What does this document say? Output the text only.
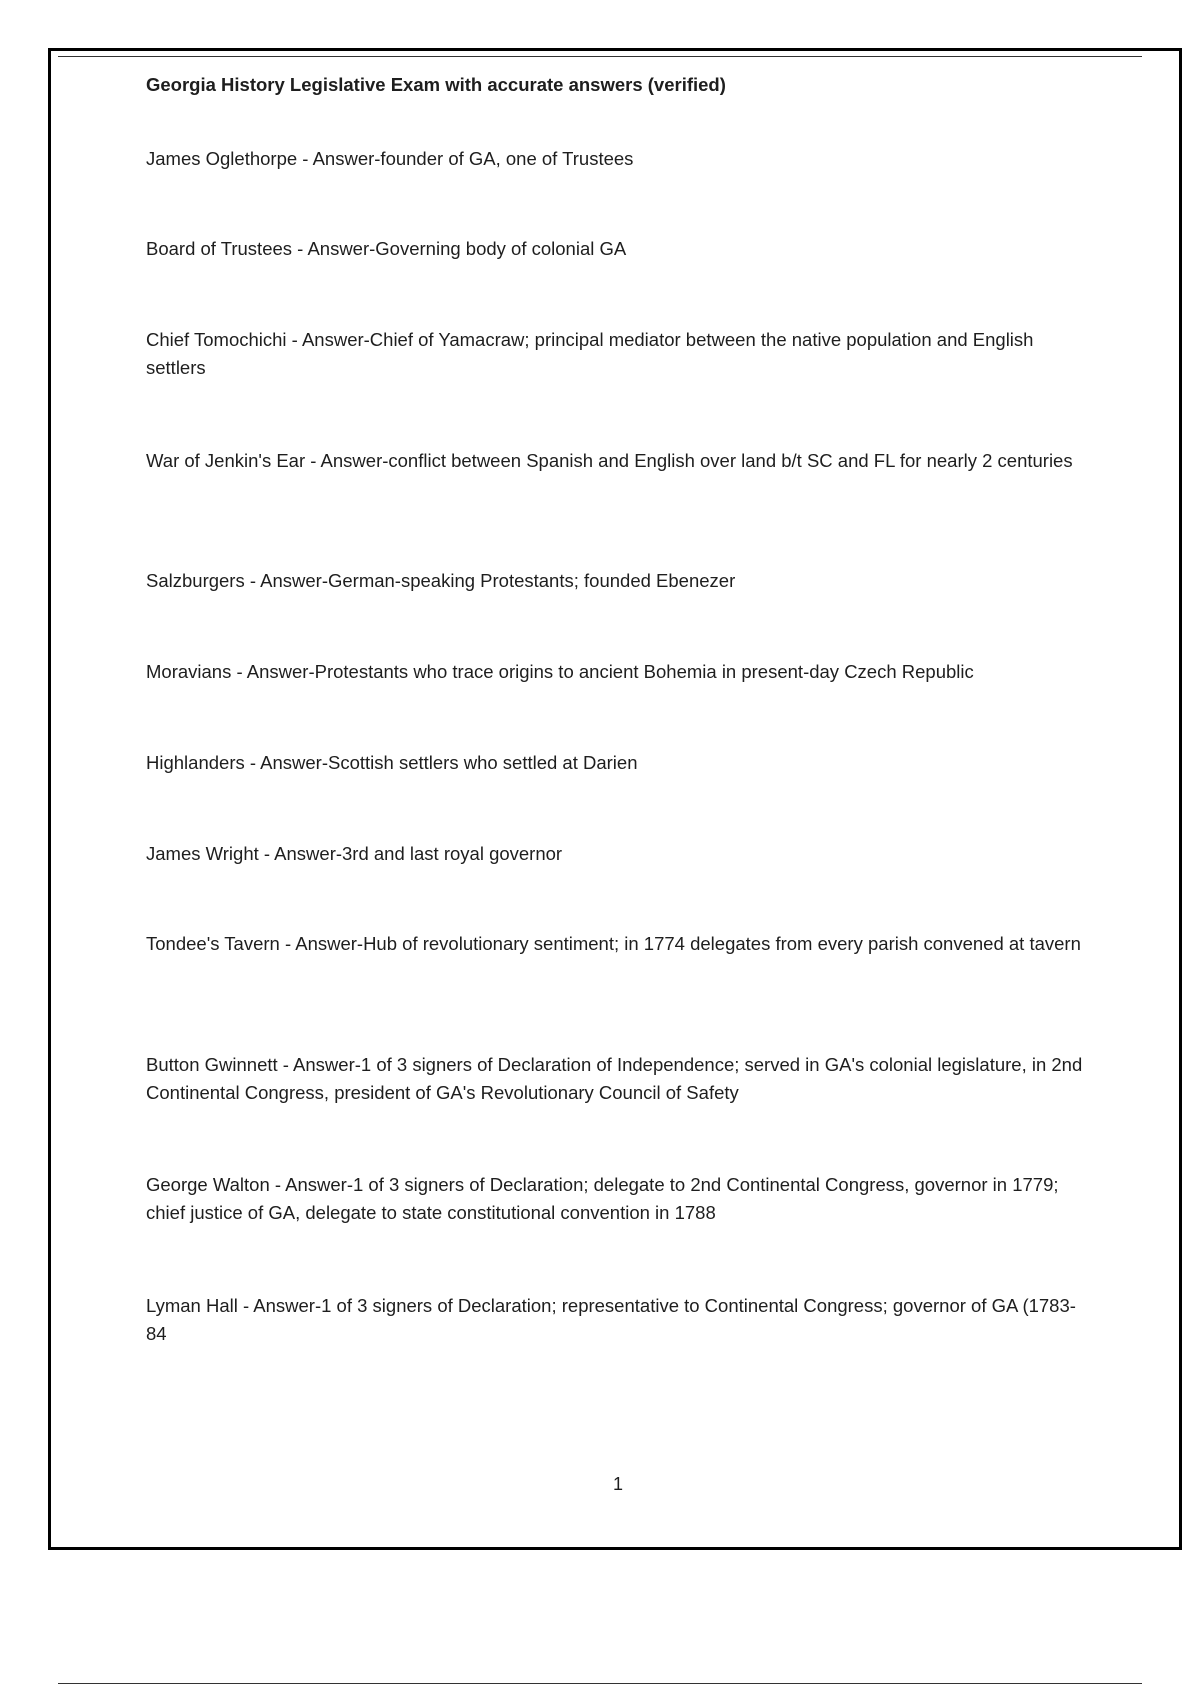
Georgia History Legislative Exam with accurate answers (verified)

James Oglethorpe - Answer-founder of GA, one of Trustees

Board of Trustees - Answer-Governing body of colonial GA

Chief Tomochichi - Answer-Chief of Yamacraw; principal mediator between the native population and English settlers

War of Jenkin's Ear - Answer-conflict between Spanish and English over land b/t SC and FL for nearly 2 centuries

Salzburgers - Answer-German-speaking Protestants; founded Ebenezer

Moravians - Answer-Protestants who trace origins to ancient Bohemia in present-day Czech Republic

Highlanders - Answer-Scottish settlers who settled at Darien

James Wright - Answer-3rd and last royal governor

Tondee's Tavern - Answer-Hub of revolutionary sentiment; in 1774 delegates from every parish convened at tavern

Button Gwinnett - Answer-1 of 3 signers of Declaration of Independence; served in GA's colonial legislature, in 2nd Continental Congress, president of GA's Revolutionary Council of Safety

George Walton - Answer-1 of 3 signers of Declaration; delegate to 2nd Continental Congress, governor in 1779; chief justice of GA, delegate to state constitutional convention in 1788

Lyman Hall - Answer-1 of 3 signers of Declaration; representative to Continental Congress; governor of GA (1783-84

1
